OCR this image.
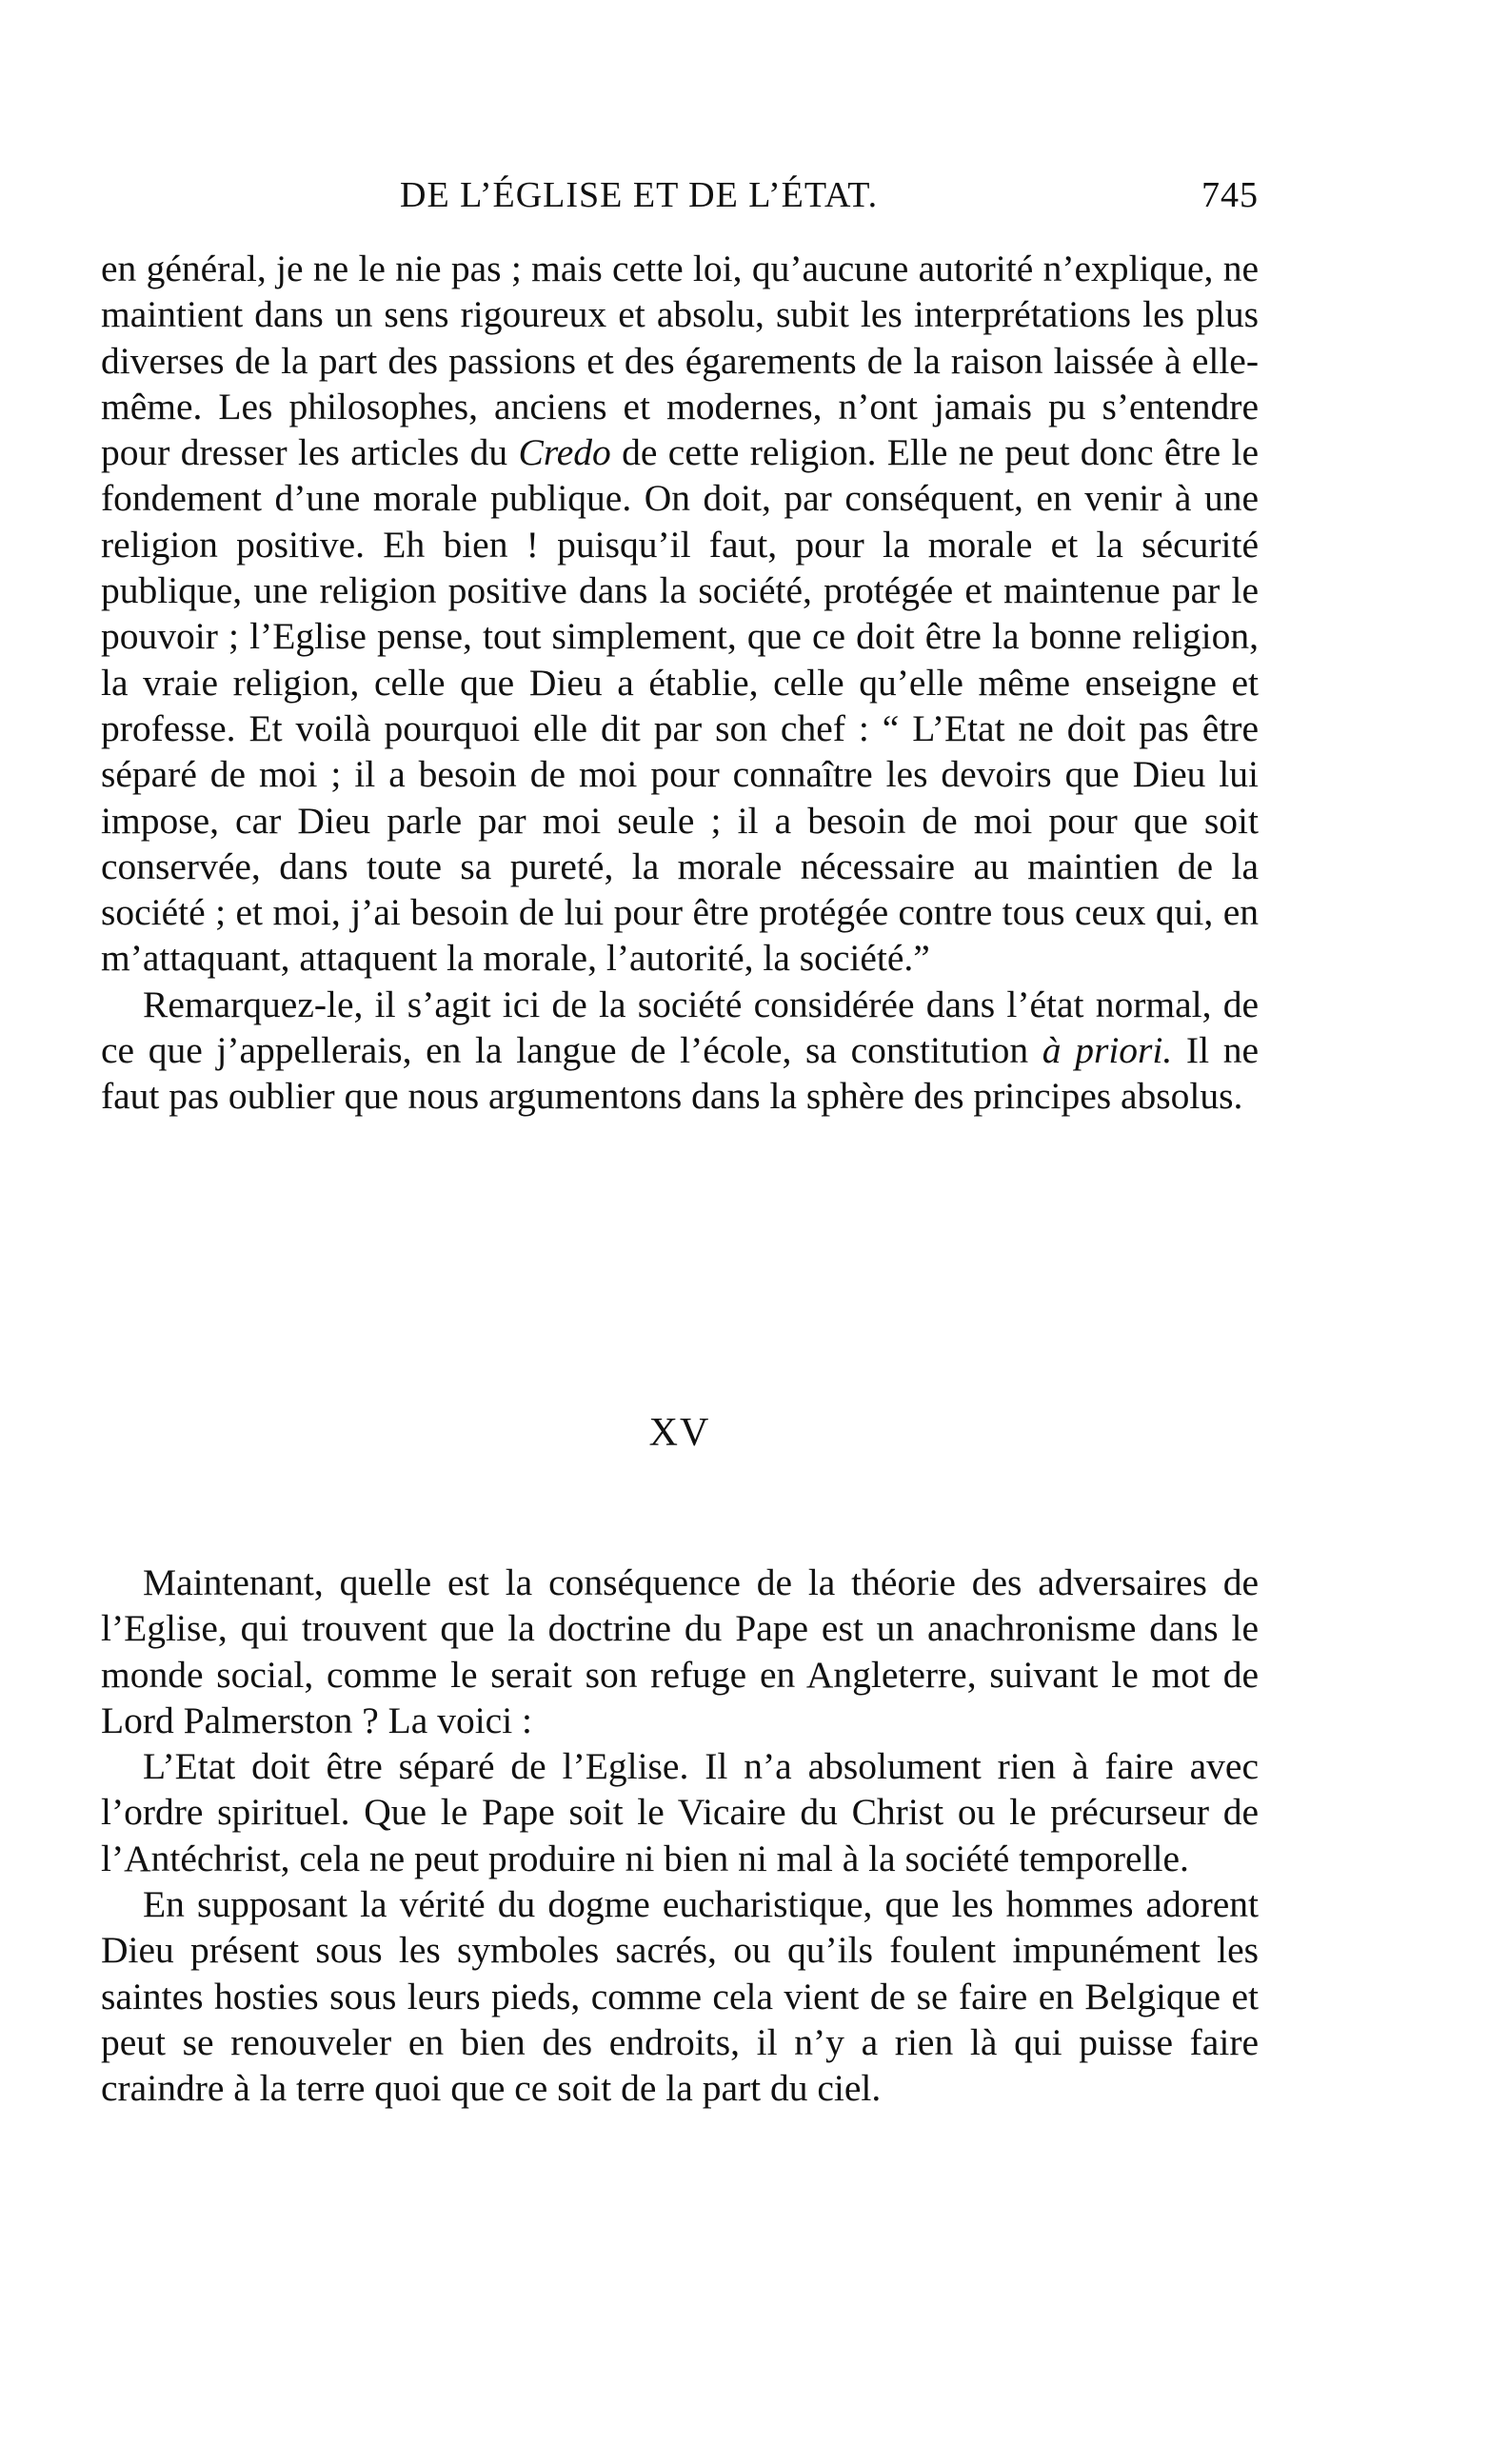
DE L’ÉGLISE ET DE L’ÉTAT.	745

en général, je ne le nie pas ; mais cette loi, qu’aucune autorité n’explique, ne maintient dans un sens rigoureux et absolu, subit les interprétations les plus diverses de la part des passions et des égarements de la raison laissée à elle-même. Les philosophes, anciens et modernes, n’ont jamais pu s’entendre pour dresser les articles du Credo de cette religion. Elle ne peut donc être le fondement d’une morale publique. On doit, par conséquent, en venir à une religion positive. Eh bien ! puisqu’il faut, pour la morale et la sécurité publique, une religion positive dans la société, protégée et maintenue par le pouvoir ; l’Eglise pense, tout simplement, que ce doit être la bonne religion, la vraie religion, celle que Dieu a établie, celle qu’elle même enseigne et professe. Et voilà pourquoi elle dit par son chef : “ L’Etat ne doit pas être séparé de moi ; il a besoin de moi pour connaître les devoirs que Dieu lui impose, car Dieu parle par moi seule ; il a besoin de moi pour que soit conservée, dans toute sa pureté, la morale nécessaire au maintien de la société ; et moi, j’ai besoin de lui pour être protégée contre tous ceux qui, en m’attaquant, attaquent la morale, l’autorité, la société.”

Remarquez-le, il s’agit ici de la société considérée dans l’état normal, de ce que j’appellerais, en la langue de l’école, sa constitution à priori. Il ne faut pas oublier que nous argumentons dans la sphère des principes absolus.

XV

Maintenant, quelle est la conséquence de la théorie des adversaires de l’Eglise, qui trouvent que la doctrine du Pape est un anachronisme dans le monde social, comme le serait son refuge en Angleterre, suivant le mot de Lord Palmerston ? La voici :

L’Etat doit être séparé de l’Eglise. Il n’a absolument rien à faire avec l’ordre spirituel. Que le Pape soit le Vicaire du Christ ou le précurseur de l’Antéchrist, cela ne peut produire ni bien ni mal à la société temporelle.

En supposant la vérité du dogme eucharistique, que les hommes adorent Dieu présent sous les symboles sacrés, ou qu’ils foulent impunément les saintes hosties sous leurs pieds, comme cela vient de se faire en Belgique et peut se renouveler en bien des endroits, il n’y a rien là qui puisse faire craindre à la terre quoi que ce soit de la part du ciel.
